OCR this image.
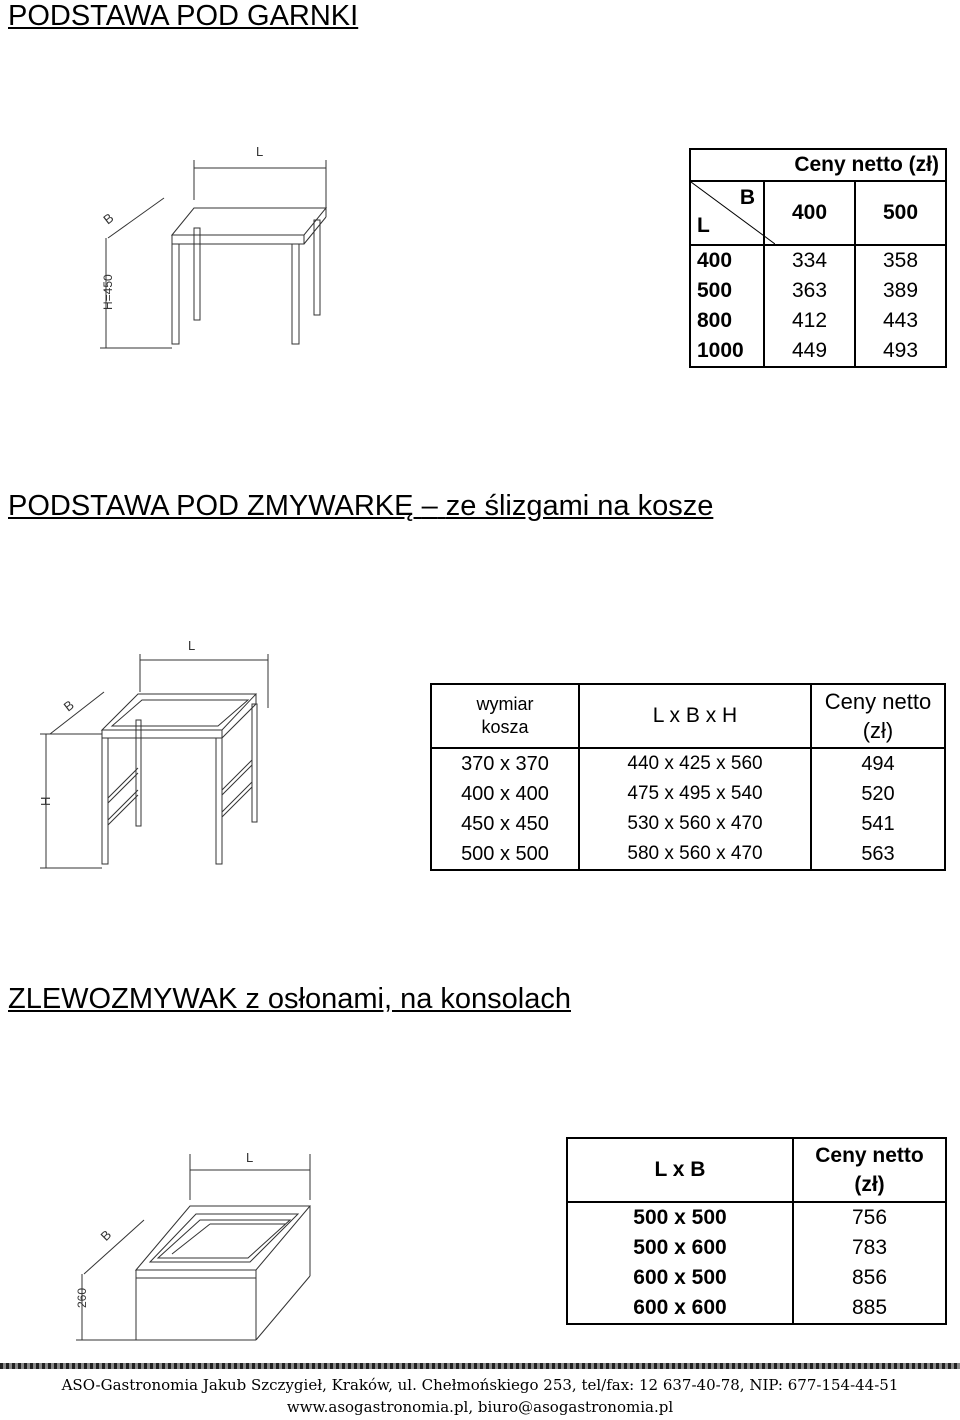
PODSTAWA POD GARNKI
L
B
H=450
Ceny netto (zł)		

B
L	400	500
400	334	358
500	363	389
800	412	443
1000	449	493
PODSTAWA POD ZMYWARKĘ – ze ślizgami na kosze
L
B
H
wymiar
kosza	L x B x H	Ceny netto
(zł)
370 x 370	440 x 425 x 560	494
400 x 400	475 x 495 x 540	520
450 x 450	530 x 560 x 470	541
500 x 500	580 x 560 x 470	563
ZLEWOZMYWAK z osłonami, na konsolach
L
B
260
L x B	Ceny netto
(zł)
500 x 500	756
500 x 600	783
600 x 500	856
600 x 600	885
ASO-Gastronomia Jakub Szczygieł, Kraków, ul. Chełmońskiego 253, tel/fax: 12 637-40-78, NIP: 677-154-44-51
www.asogastronomia.pl, biuro@asogastronomia.pl
